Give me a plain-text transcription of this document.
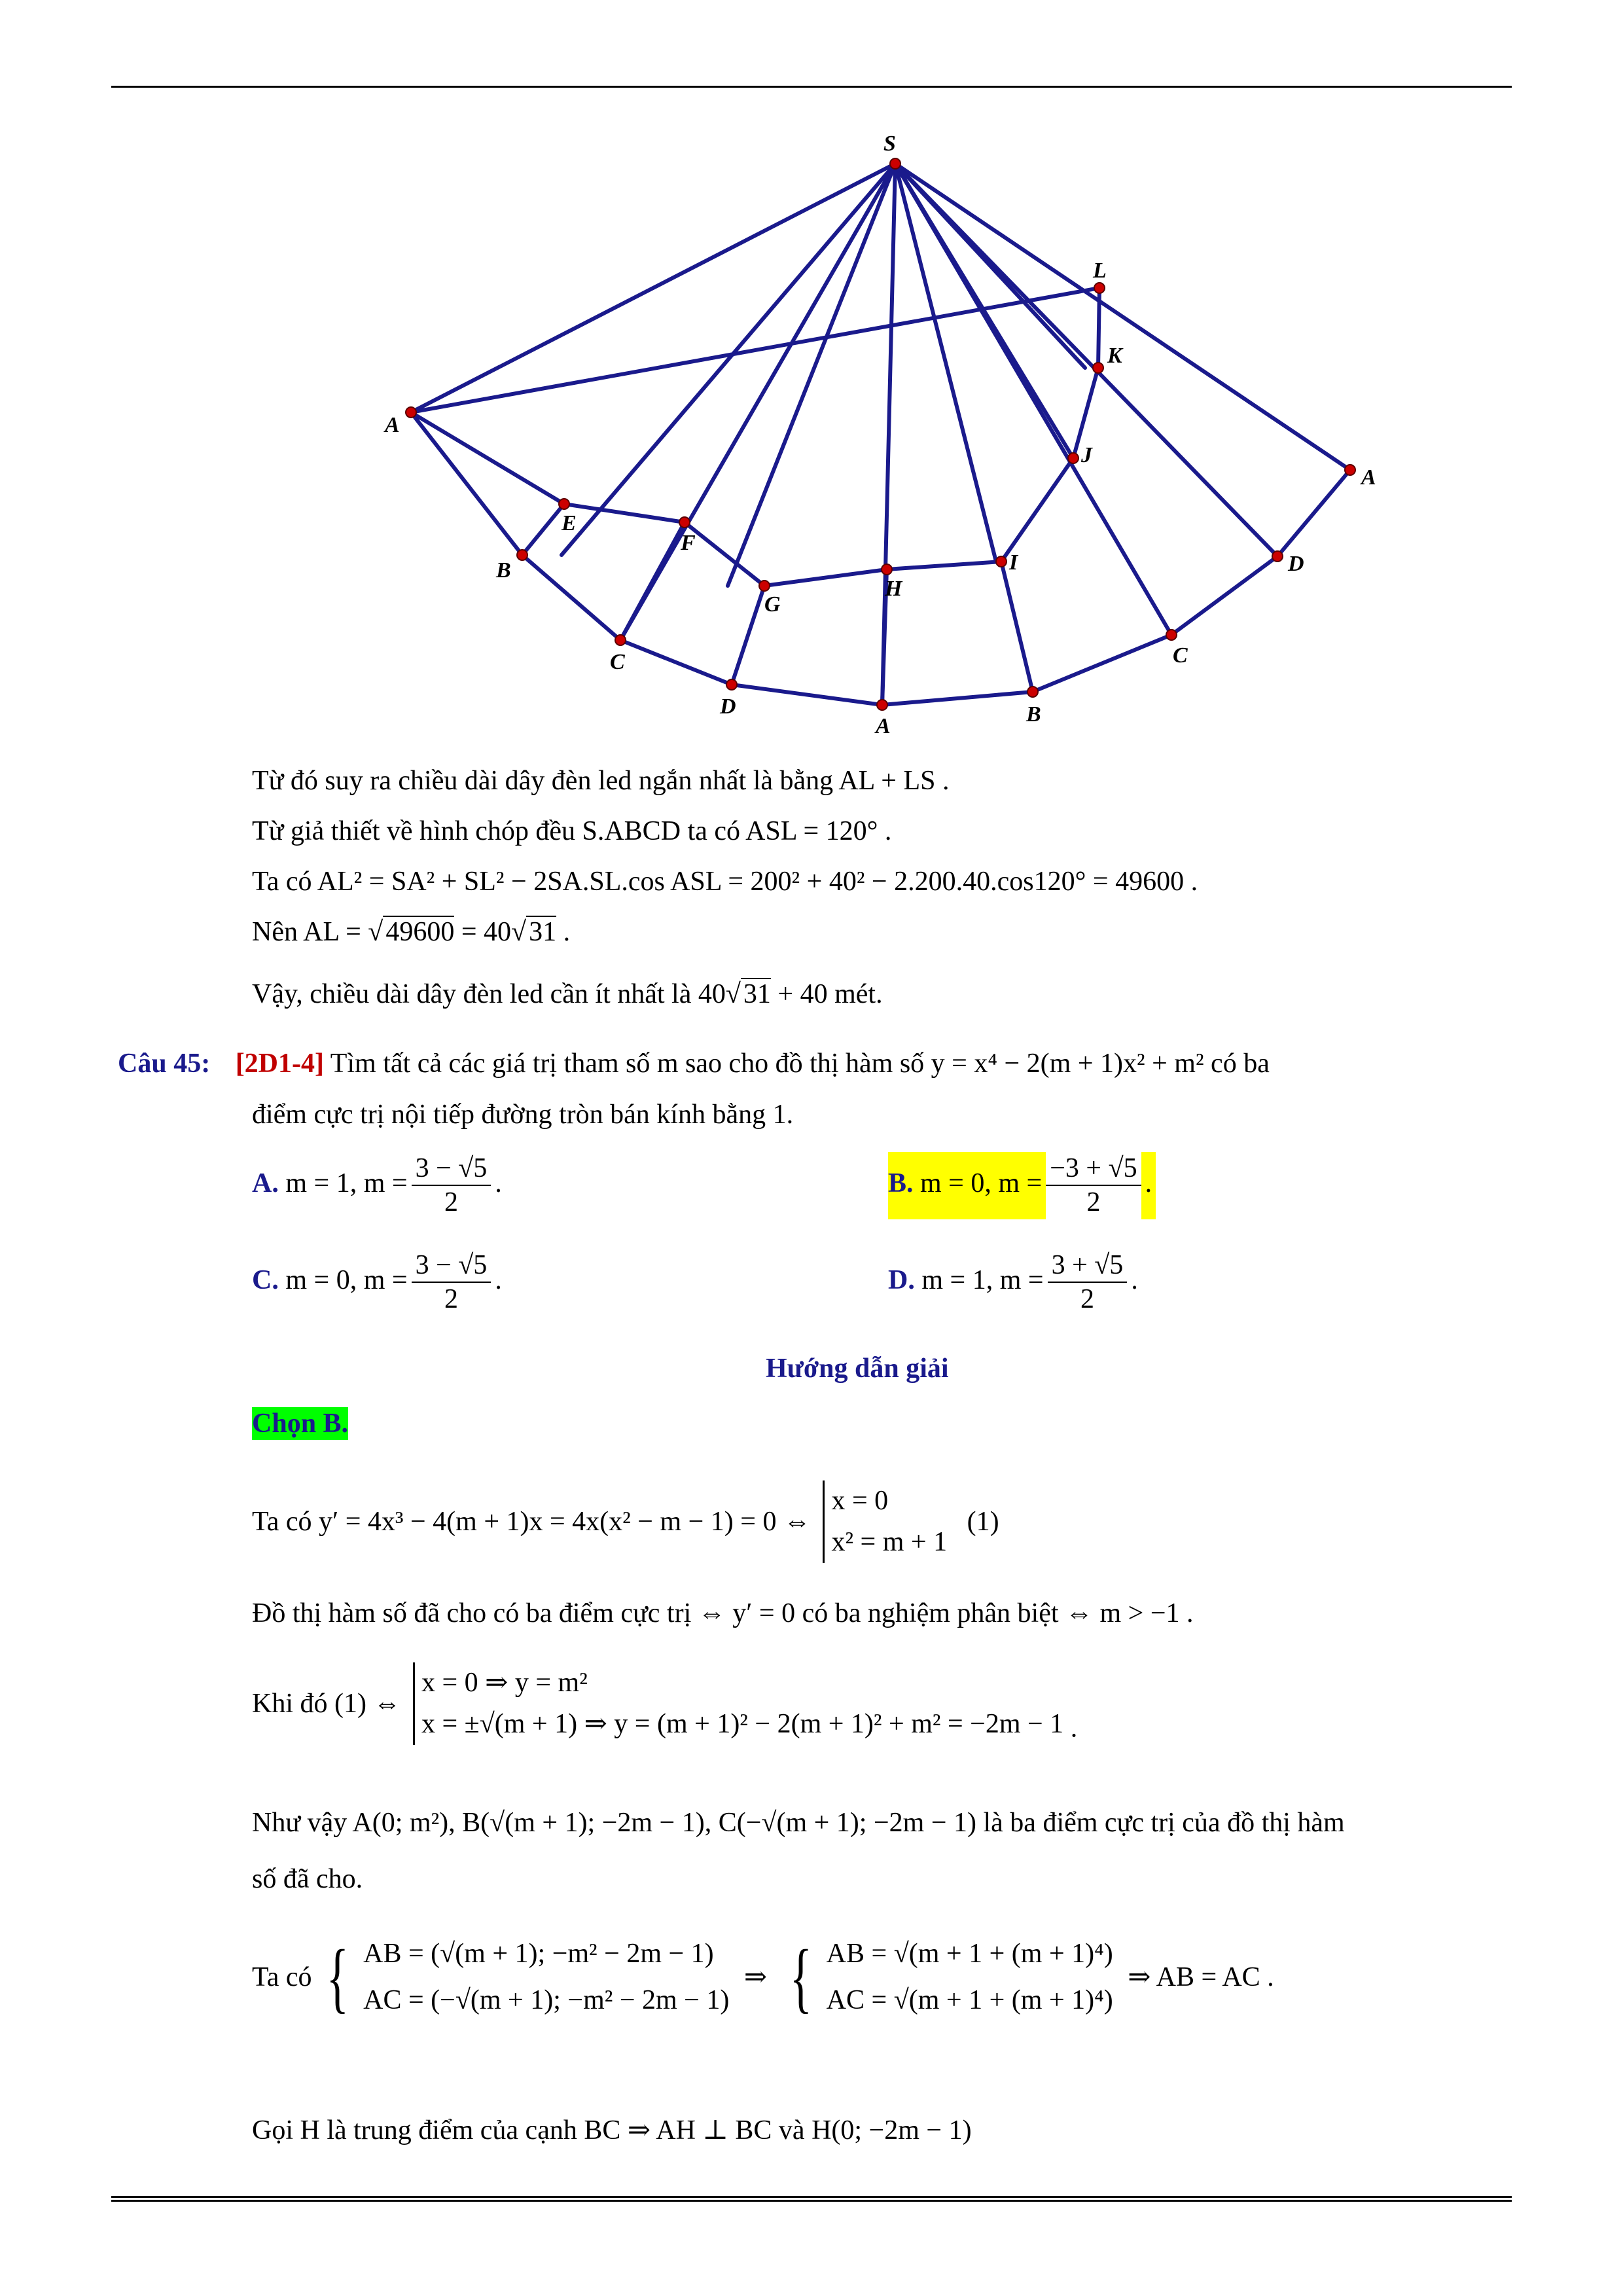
S
L
K
A
J
A
E
F
B	I	D
G
H
C	C
D	B
A
Từ đó suy ra chiều dài dây đèn led ngắn nhất là bằng AL + LS .
Từ giả thiết về hình chóp đều S.ABCD ta có ASL = 120° .
Ta có AL² = SA² + SL² − 2SA.SL.cos ASL = 200² + 40² − 2.200.40.cos120° = 49600 .
Nên AL = √49600 = 40√31 .
Vậy, chiều dài dây đèn led cần ít nhất là 40√31 + 40 mét.
Câu 45: [2D1-4] Tìm tất cả các giá trị tham số m sao cho đồ thị hàm số y = x⁴ − 2(m + 1)x² + m² có ba
điểm cực trị nội tiếp đường tròn bán kính bằng 1.
A. m = 1, $m = \frac{3 - √5}{2}$ .	B. m = 0, $m = \frac{-3 + √5}{2}$ .
C. m = 0, $m = \frac{3 - √5}{2}$ .	D. m = 1, $m = \frac{3 + √5}{2}$ .
Hướng dẫn giải
Chọn B.
Ta có y′ = 4x³ − 4(m + 1)x = 4x(x² − m − 1) = 0 ⇔
x = 0
x² = m + 1
(1)
Đồ thị hàm số đã cho có ba điểm cực trị ⇔ y′ = 0 có ba nghiệm phân biệt ⇔ m > −1 .
Khi đó (1) ⇔
x = 0 ⇒ y = m²
x = ±√(m + 1) ⇒ y = (m + 1)² − 2(m + 1)² + m² = −2m − 1 .
Như vậy A(0; m²), B(√(m + 1); −2m − 1), C(−√(m + 1); −2m − 1) là ba điểm cực trị của đồ thị hàm
số đã cho.
Ta có { AB = (√(m + 1); −m² − 2m − 1)
AC = (−√(m + 1); −m² − 2m − 1)
⇒ { AB = √(m + 1 + (m + 1)⁴)
AC = √(m + 1 + (m + 1)⁴)
⇒ AB = AC .
Gọi H là trung điểm của cạnh BC ⇒ AH ⊥ BC và H(0; −2m − 1)
